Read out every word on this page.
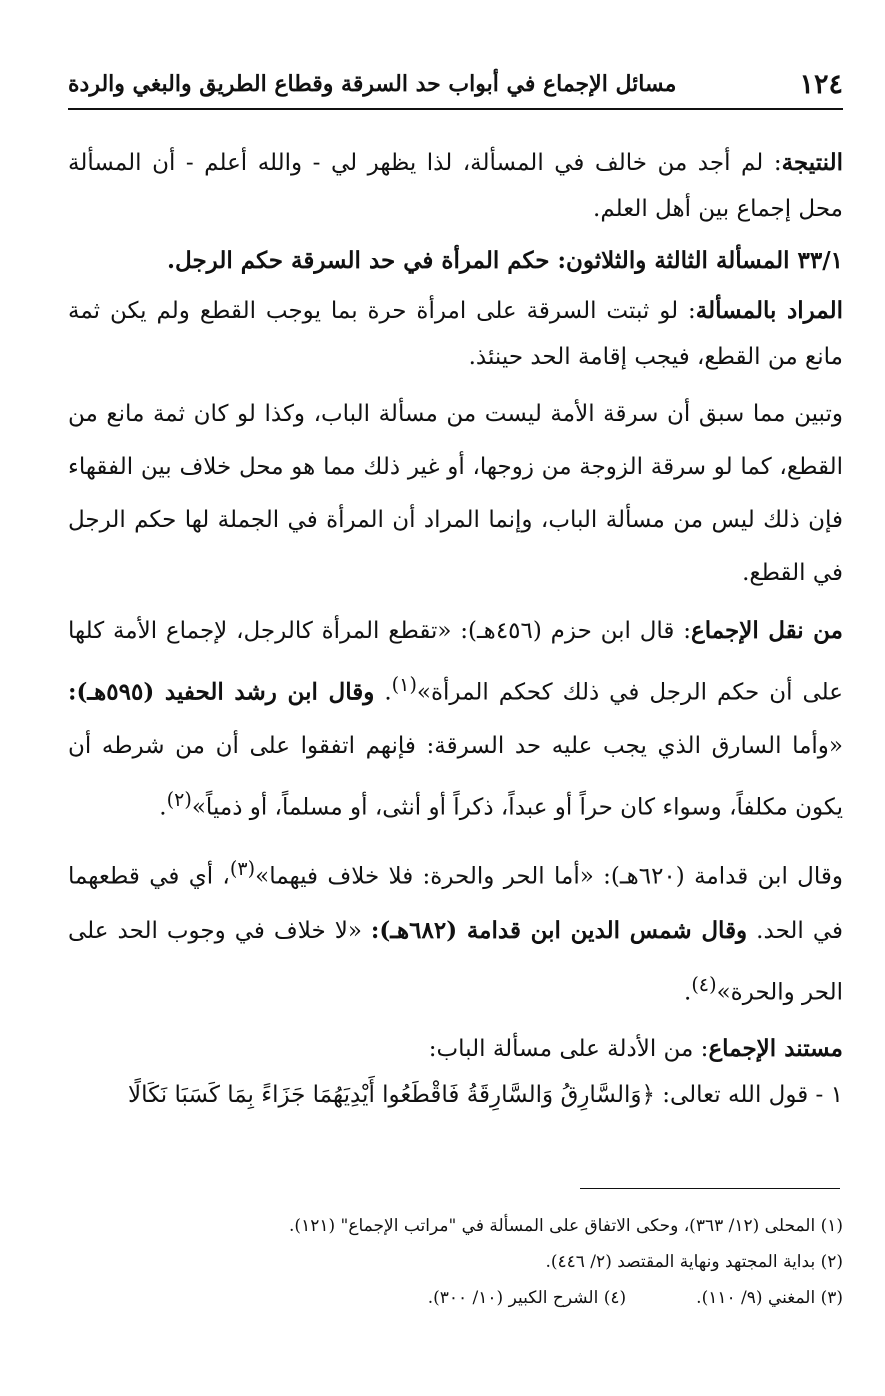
١٢٤
مسائل الإجماع في أبواب حد السرقة وقطاع الطريق والبغي والردة

النتيجة: لم أجد من خالف في المسألة، لذا يظهر لي - والله أعلم - أن المسألة محل إجماع بين أهل العلم.

٣٣/١ المسألة الثالثة والثلاثون: حكم المرأة في حد السرقة حكم الرجل.

المراد بالمسألة: لو ثبتت السرقة على امرأة حرة بما يوجب القطع ولم يكن ثمة مانع من القطع، فيجب إقامة الحد حينئذ.

وتبين مما سبق أن سرقة الأمة ليست من مسألة الباب، وكذا لو كان ثمة مانع من القطع، كما لو سرقة الزوجة من زوجها، أو غير ذلك مما هو محل خلاف بين الفقهاء فإن ذلك ليس من مسألة الباب، وإنما المراد أن المرأة في الجملة لها حكم الرجل في القطع.

من نقل الإجماع: قال ابن حزم (٤٥٦هـ): «تقطع المرأة كالرجل، لإجماع الأمة كلها على أن حكم الرجل في ذلك كحكم المرأة»$^{(١)}$. وقال ابن رشد الحفيد (٥٩٥هـ): «وأما السارق الذي يجب عليه حد السرقة: فإنهم اتفقوا على أن من شرطه أن يكون مكلفاً، وسواء كان حراً أو عبداً، ذكراً أو أنثى، أو مسلماً، أو ذمياً»$^{(٢)}$.

وقال ابن قدامة (٦٢٠هـ): «أما الحر والحرة: فلا خلاف فيهما»$^{(٣)}$، أي في قطعهما في الحد. وقال شمس الدين ابن قدامة (٦٨٢هـ): «لا خلاف في وجوب الحد على الحر والحرة»$^{(٤)}$.

مستند الإجماع: من الأدلة على مسألة الباب:

١ - قول الله تعالى: ﴿وَالسَّارِقُ وَالسَّارِقَةُ فَاقْطَعُوا أَيْدِيَهُمَا جَزَاءً بِمَا كَسَبَا نَكَالًا

(١) المحلى (١٢/ ٣٦٣)، وحكى الاتفاق على المسألة في "مراتب الإجماع" (١٢١).
(٢) بداية المجتهد ونهاية المقتصد (٢/ ٤٤٦).
(٣) المغني (٩/ ١١٠).
(٤) الشرح الكبير (١٠/ ٣٠٠).
